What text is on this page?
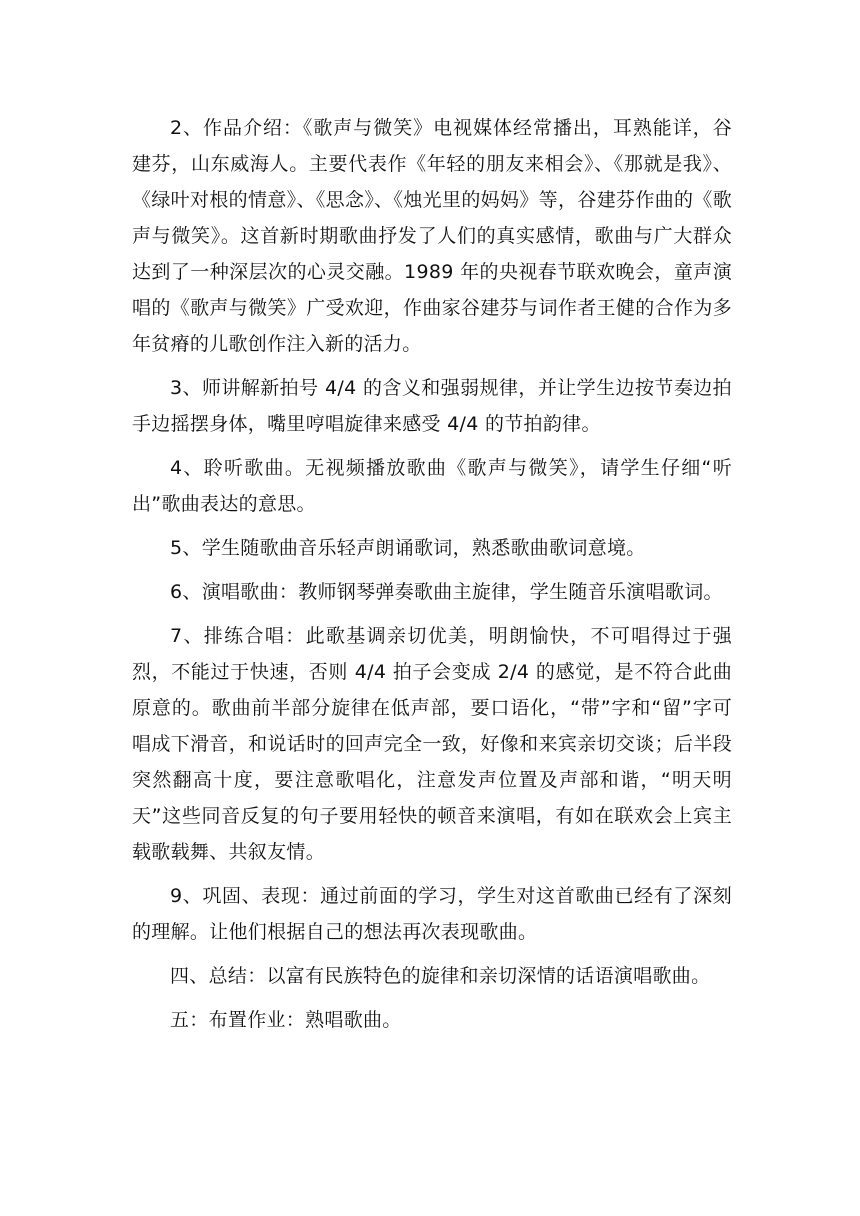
2、作品介绍：《歌声与微笑》电视媒体经常播出，耳熟能详，谷建芬，山东威海人。主要代表作《年轻的朋友来相会》、《那就是我》、《绿叶对根的情意》、《思念》、《烛光里的妈妈》等，谷建芬作曲的《歌声与微笑》。这首新时期歌曲抒发了人们的真实感情，歌曲与广大群众达到了一种深层次的心灵交融。1989 年的央视春节联欢晚会，童声演唱的《歌声与微笑》广受欢迎，作曲家谷建芬与词作者王健的合作为多年贫瘠的儿歌创作注入新的活力。

3、师讲解新拍号 4/4 的含义和强弱规律，并让学生边按节奏边拍手边摇摆身体，嘴里哼唱旋律来感受 4/4 的节拍韵律。

4、聆听歌曲。无视频播放歌曲《歌声与微笑》，请学生仔细“听出”歌曲表达的意思。

5、学生随歌曲音乐轻声朗诵歌词，熟悉歌曲歌词意境。

6、演唱歌曲：教师钢琴弹奏歌曲主旋律，学生随音乐演唱歌词。

7、排练合唱：此歌基调亲切优美，明朗愉快，不可唱得过于强烈，不能过于快速，否则 4/4 拍子会变成 2/4 的感觉，是不符合此曲原意的。歌曲前半部分旋律在低声部，要口语化，“带”字和“留”字可唱成下滑音，和说话时的回声完全一致，好像和来宾亲切交谈；后半段突然翻高十度，要注意歌唱化，注意发声位置及声部和谐，“明天明天”这些同音反复的句子要用轻快的顿音来演唱，有如在联欢会上宾主载歌载舞、共叙友情。

9、巩固、表现：通过前面的学习，学生对这首歌曲已经有了深刻的理解。让他们根据自己的想法再次表现歌曲。

四、总结：以富有民族特色的旋律和亲切深情的话语演唱歌曲。

五：布置作业：熟唱歌曲。
